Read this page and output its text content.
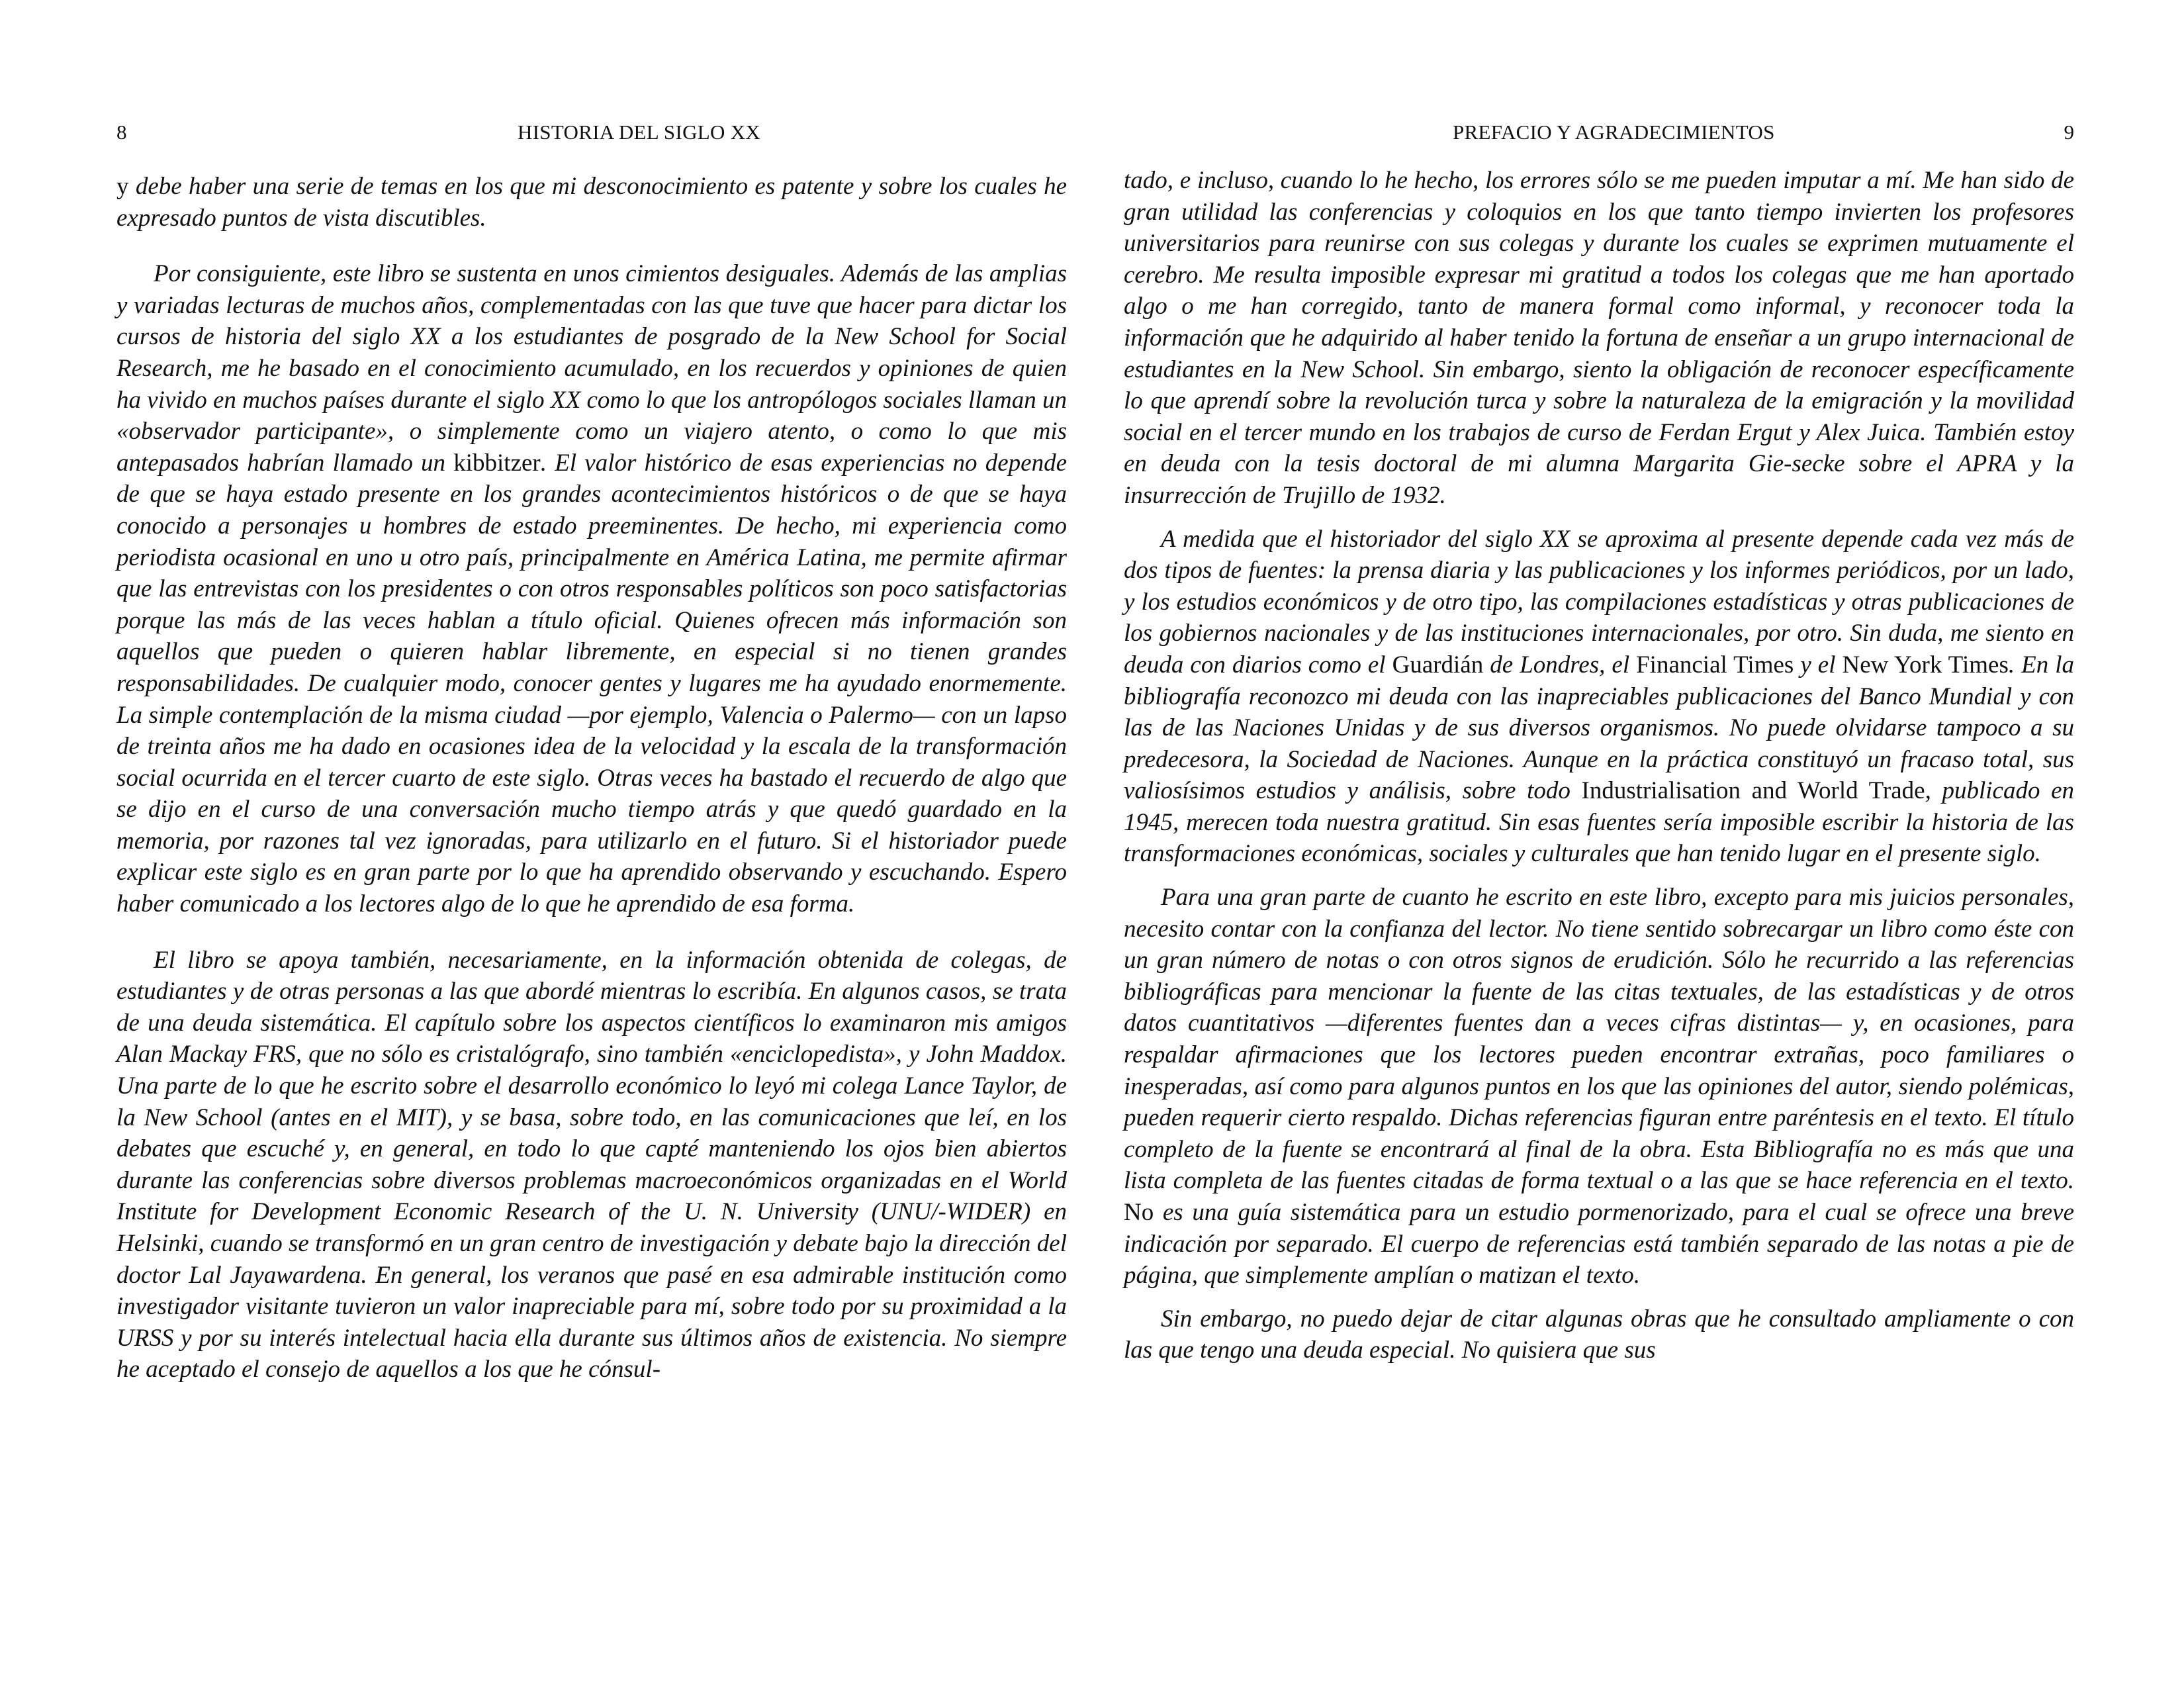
8	HISTORIA DEL SIGLO XX

y debe haber una serie de temas en los que mi desconocimiento es patente y sobre los cuales he expresado puntos de vista discutibles.

Por consiguiente, este libro se sustenta en unos cimientos desiguales. Además de las amplias y variadas lecturas de muchos años, complementadas con las que tuve que hacer para dictar los cursos de historia del siglo XX a los estudiantes de posgrado de la New School for Social Research, me he basado en el conocimiento acumulado, en los recuerdos y opiniones de quien ha vivido en muchos países durante el siglo XX como lo que los antropólogos sociales llaman un «observador participante», o simplemente como un viajero atento, o como lo que mis antepasados habrían llamado un kibbitzer. El valor histórico de esas experiencias no depende de que se haya estado presente en los grandes acontecimientos históricos o de que se haya conocido a personajes u hombres de estado preeminentes. De hecho, mi experiencia como periodista ocasional en uno u otro país, principalmente en América Latina, me permite afirmar que las entrevistas con los presidentes o con otros responsables políticos son poco satisfactorias porque las más de las veces hablan a título oficial. Quienes ofrecen más información son aquellos que pueden o quieren hablar libremente, en especial si no tienen grandes responsabilidades. De cualquier modo, conocer gentes y lugares me ha ayudado enormemente. La simple contemplación de la misma ciudad —por ejemplo, Valencia o Palermo— con un lapso de treinta años me ha dado en ocasiones idea de la velocidad y la escala de la transformación social ocurrida en el tercer cuarto de este siglo. Otras veces ha bastado el recuerdo de algo que se dijo en el curso de una conversación mucho tiempo atrás y que quedó guardado en la memoria, por razones tal vez ignoradas, para utilizarlo en el futuro. Si el historiador puede explicar este siglo es en gran parte por lo que ha aprendido observando y escuchando. Espero haber comunicado a los lectores algo de lo que he aprendido de esa forma.

El libro se apoya también, necesariamente, en la información obtenida de colegas, de estudiantes y de otras personas a las que abordé mientras lo escribía. En algunos casos, se trata de una deuda sistemática. El capítulo sobre los aspectos científicos lo examinaron mis amigos Alan Mackay FRS, que no sólo es cristalógrafo, sino también «enciclopedista», y John Maddox. Una parte de lo que he escrito sobre el desarrollo económico lo leyó mi colega Lance Taylor, de la New School (antes en el MIT), y se basa, sobre todo, en las comunicaciones que leí, en los debates que escuché y, en general, en todo lo que capté manteniendo los ojos bien abiertos durante las conferencias sobre diversos problemas macroeconómicos organizadas en el World Institute for Development Economic Research of the U. N. University (UNU/-WIDER) en Helsinki, cuando se transformó en un gran centro de investigación y debate bajo la dirección del doctor Lal Jayawardena. En general, los veranos que pasé en esa admirable institución como investigador visitante tuvieron un valor inapreciable para mí, sobre todo por su proximidad a la URSS y por su interés intelectual hacia ella durante sus últimos años de existencia. No siempre he aceptado el consejo de aquellos a los que he cónsul-

PREFACIO Y AGRADECIMIENTOS	9

tado, e incluso, cuando lo he hecho, los errores sólo se me pueden imputar a mí. Me han sido de gran utilidad las conferencias y coloquios en los que tanto tiempo invierten los profesores universitarios para reunirse con sus colegas y durante los cuales se exprimen mutuamente el cerebro. Me resulta imposible expresar mi gratitud a todos los colegas que me han aportado algo o me han corregido, tanto de manera formal como informal, y reconocer toda la información que he adquirido al haber tenido la fortuna de enseñar a un grupo internacional de estudiantes en la New School. Sin embargo, siento la obligación de reconocer específicamente lo que aprendí sobre la revolución turca y sobre la naturaleza de la emigración y la movilidad social en el tercer mundo en los trabajos de curso de Ferdan Ergut y Alex Juica. También estoy en deuda con la tesis doctoral de mi alumna Margarita Gie-secke sobre el APRA y la insurrección de Trujillo de 1932.

A medida que el historiador del siglo XX se aproxima al presente depende cada vez más de dos tipos de fuentes: la prensa diaria y las publicaciones y los informes periódicos, por un lado, y los estudios económicos y de otro tipo, las compilaciones estadísticas y otras publicaciones de los gobiernos nacionales y de las instituciones internacionales, por otro. Sin duda, me siento en deuda con diarios como el Guardián de Londres, el Financial Times y el New York Times. En la bibliografía reconozco mi deuda con las inapreciables publicaciones del Banco Mundial y con las de las Naciones Unidas y de sus diversos organismos. No puede olvidarse tampoco a su predecesora, la Sociedad de Naciones. Aunque en la práctica constituyó un fracaso total, sus valiosísimos estudios y análisis, sobre todo Industrialisation and World Trade, publicado en 1945, merecen toda nuestra gratitud. Sin esas fuentes sería imposible escribir la historia de las transformaciones económicas, sociales y culturales que han tenido lugar en el presente siglo.

Para una gran parte de cuanto he escrito en este libro, excepto para mis juicios personales, necesito contar con la confianza del lector. No tiene sentido sobrecargar un libro como éste con un gran número de notas o con otros signos de erudición. Sólo he recurrido a las referencias bibliográficas para mencionar la fuente de las citas textuales, de las estadísticas y de otros datos cuantitativos —diferentes fuentes dan a veces cifras distintas— y, en ocasiones, para respaldar afirmaciones que los lectores pueden encontrar extrañas, poco familiares o inesperadas, así como para algunos puntos en los que las opiniones del autor, siendo polémicas, pueden requerir cierto respaldo. Dichas referencias figuran entre paréntesis en el texto. El título completo de la fuente se encontrará al final de la obra. Esta Bibliografía no es más que una lista completa de las fuentes citadas de forma textual o a las que se hace referencia en el texto. No es una guía sistemática para un estudio pormenorizado, para el cual se ofrece una breve indicación por separado. El cuerpo de referencias está también separado de las notas a pie de página, que simplemente amplían o matizan el texto.

Sin embargo, no puedo dejar de citar algunas obras que he consultado ampliamente o con las que tengo una deuda especial. No quisiera que sus
